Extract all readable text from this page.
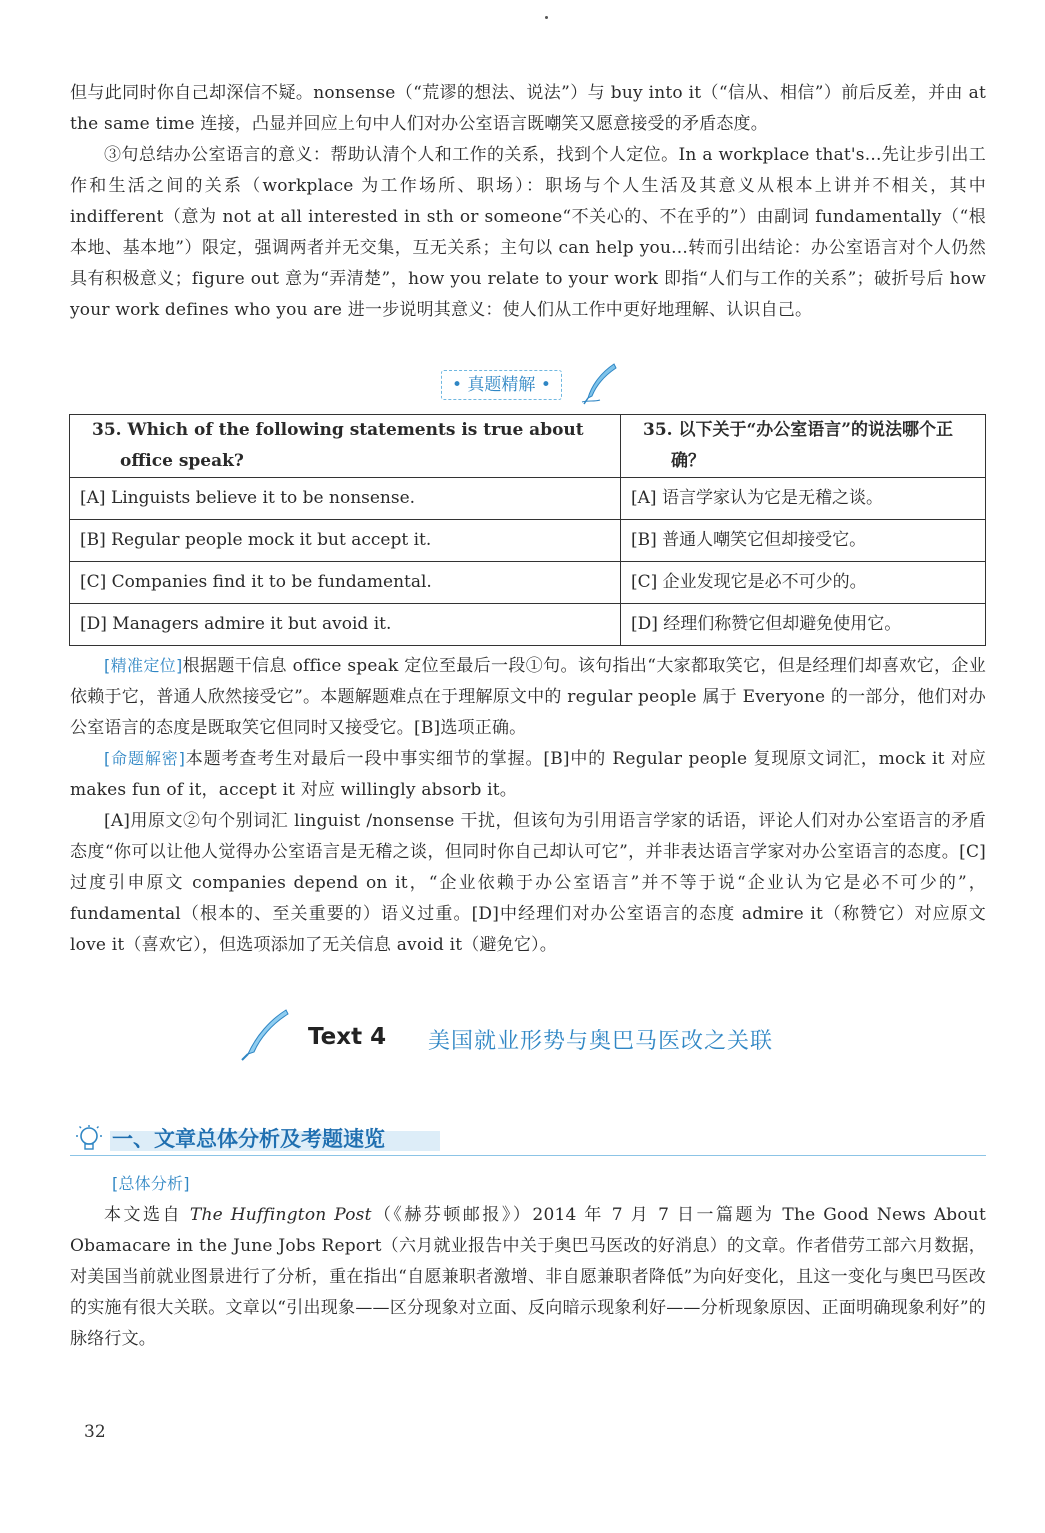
但与此同时你自己却深信不疑。nonsense（“荒谬的想法、说法”）与 buy into it（“信从、相信”）前后反差，并由 at the same time 连接，凸显并回应上句中人们对办公室语言既嘲笑又愿意接受的矛盾态度。

③句总结办公室语言的意义：帮助认清个人和工作的关系，找到个人定位。In a workplace that's...先让步引出工作和生活之间的关系（workplace 为工作场所、职场）：职场与个人生活及其意义从根本上讲并不相关，其中 indifferent（意为 not at all interested in sth or someone“不关心的、不在乎的”）由副词 fundamentally（“根本地、基本地”）限定，强调两者并无交集，互无关系；主句以 can help you...转而引出结论：办公室语言对个人仍然具有积极意义；figure out 意为“弄清楚”，how you relate to your work 即指“人们与工作的关系”；破折号后 how your work defines who you are 进一步说明其意义：使人们从工作中更好地理解、认识自己。

• 真题精解 •
35. Which of the following statements is true about office speak?	35. 以下关于“办公室语言”的说法哪个正确？

[A] Linguists believe it to be nonsense.	[A] 语言学家认为它是无稽之谈。
[B] Regular people mock it but accept it.	[B] 普通人嘲笑它但却接受它。
[C] Companies find it to be fundamental.	[C] 企业发现它是必不可少的。
[D] Managers admire it but avoid it.	[D] 经理们称赞它但却避免使用它。

[精准定位]根据题干信息 office speak 定位至最后一段①句。该句指出“大家都取笑它，但是经理们却喜欢它，企业依赖于它，普通人欣然接受它”。本题解题难点在于理解原文中的 regular people 属于 Everyone 的一部分，他们对办公室语言的态度是既取笑它但同时又接受它。[B]选项正确。

[命题解密]本题考查考生对最后一段中事实细节的掌握。[B]中的 Regular people 复现原文词汇，mock it 对应 makes fun of it，accept it 对应 willingly absorb it。

[A]用原文②句个别词汇 linguist /nonsense 干扰，但该句为引用语言学家的话语，评论人们对办公室语言的矛盾态度“你可以让他人觉得办公室语言是无稽之谈，但同时你自己却认可它”，并非表达语言学家对办公室语言的态度。[C]过度引申原文 companies depend on it，“企业依赖于办公室语言”并不等于说“企业认为它是必不可少的”，fundamental（根本的、至关重要的）语义过重。[D]中经理们对办公室语言的态度 admire it（称赞它）对应原文 love it（喜欢它），但选项添加了无关信息 avoid it（避免它）。

Text 4 美国就业形势与奥巴马医改之关联
一、文章总体分析及考题速览

[总体分析]

本文选自 The Huffington Post（《赫芬顿邮报》）2014 年 7 月 7 日一篇题为 The Good News About Obamacare in the June Jobs Report（六月就业报告中关于奥巴马医改的好消息）的文章。作者借劳工部六月数据，对美国当前就业图景进行了分析，重在指出“自愿兼职者激增、非自愿兼职者降低”为向好变化，且这一变化与奥巴马医改的实施有很大关联。文章以“引出现象——区分现象对立面、反向暗示现象利好——分析现象原因、正面明确现象利好”的脉络行文。

32
